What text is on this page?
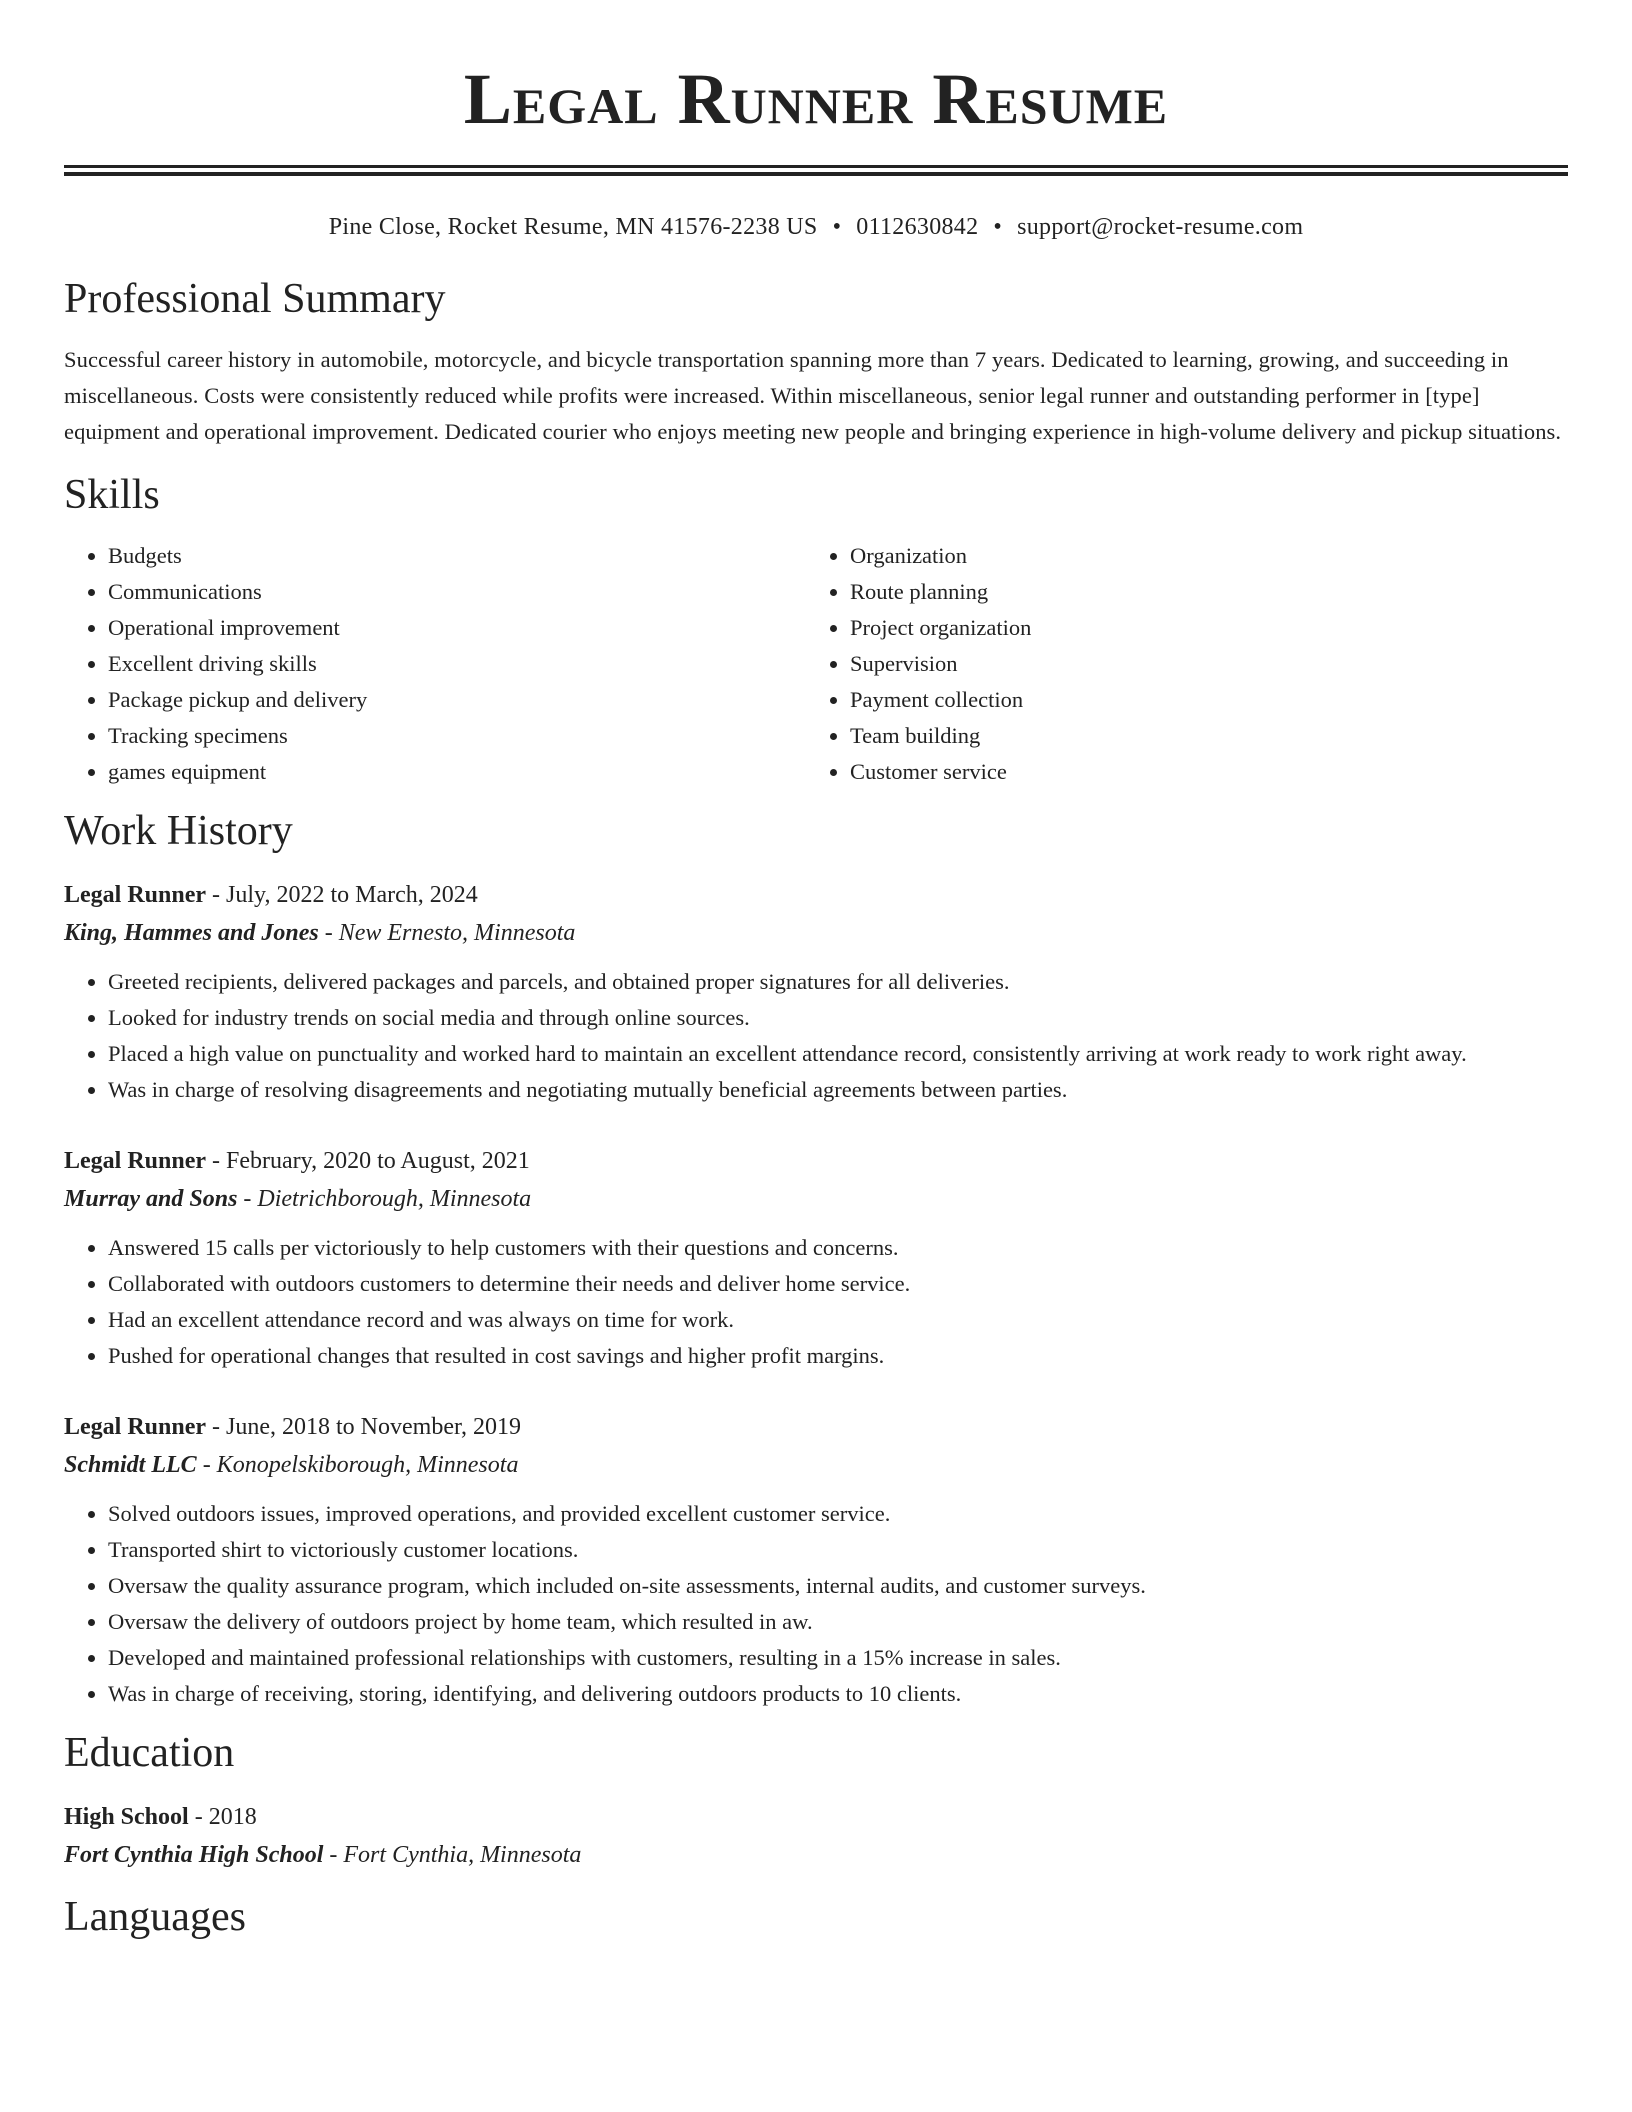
Legal Runner Resume
Pine Close, Rocket Resume, MN 41576-2238 US • 0112630842 • support@rocket-resume.com
Professional Summary

Successful career history in automobile, motorcycle, and bicycle transportation spanning more than 7 years. Dedicated to learning, growing, and succeeding in miscellaneous. Costs were consistently reduced while profits were increased. Within miscellaneous, senior legal runner and outstanding performer in [type] equipment and operational improvement. Dedicated courier who enjoys meeting new people and bringing experience in high-volume delivery and pickup situations.

Skills
• Budgets
• Communications
• Operational improvement
• Excellent driving skills
• Package pickup and delivery
• Tracking specimens
• games equipment
• Organization
• Route planning
• Project organization
• Supervision
• Payment collection
• Team building
• Customer service
Work History
Legal Runner - July, 2022 to March, 2024
King, Hammes and Jones - New Ernesto, Minnesota
• Greeted recipients, delivered packages and parcels, and obtained proper signatures for all deliveries.
• Looked for industry trends on social media and through online sources.
• Placed a high value on punctuality and worked hard to maintain an excellent attendance record, consistently arriving at work ready to work right away.
• Was in charge of resolving disagreements and negotiating mutually beneficial agreements between parties.
Legal Runner - February, 2020 to August, 2021
Murray and Sons - Dietrichborough, Minnesota
• Answered 15 calls per victoriously to help customers with their questions and concerns.
• Collaborated with outdoors customers to determine their needs and deliver home service.
• Had an excellent attendance record and was always on time for work.
• Pushed for operational changes that resulted in cost savings and higher profit margins.
Legal Runner - June, 2018 to November, 2019
Schmidt LLC - Konopelskiborough, Minnesota
• Solved outdoors issues, improved operations, and provided excellent customer service.
• Transported shirt to victoriously customer locations.
• Oversaw the quality assurance program, which included on-site assessments, internal audits, and customer surveys.
• Oversaw the delivery of outdoors project by home team, which resulted in aw.
• Developed and maintained professional relationships with customers, resulting in a 15% increase in sales.
• Was in charge of receiving, storing, identifying, and delivering outdoors products to 10 clients.
Education
High School - 2018
Fort Cynthia High School - Fort Cynthia, Minnesota
Languages
